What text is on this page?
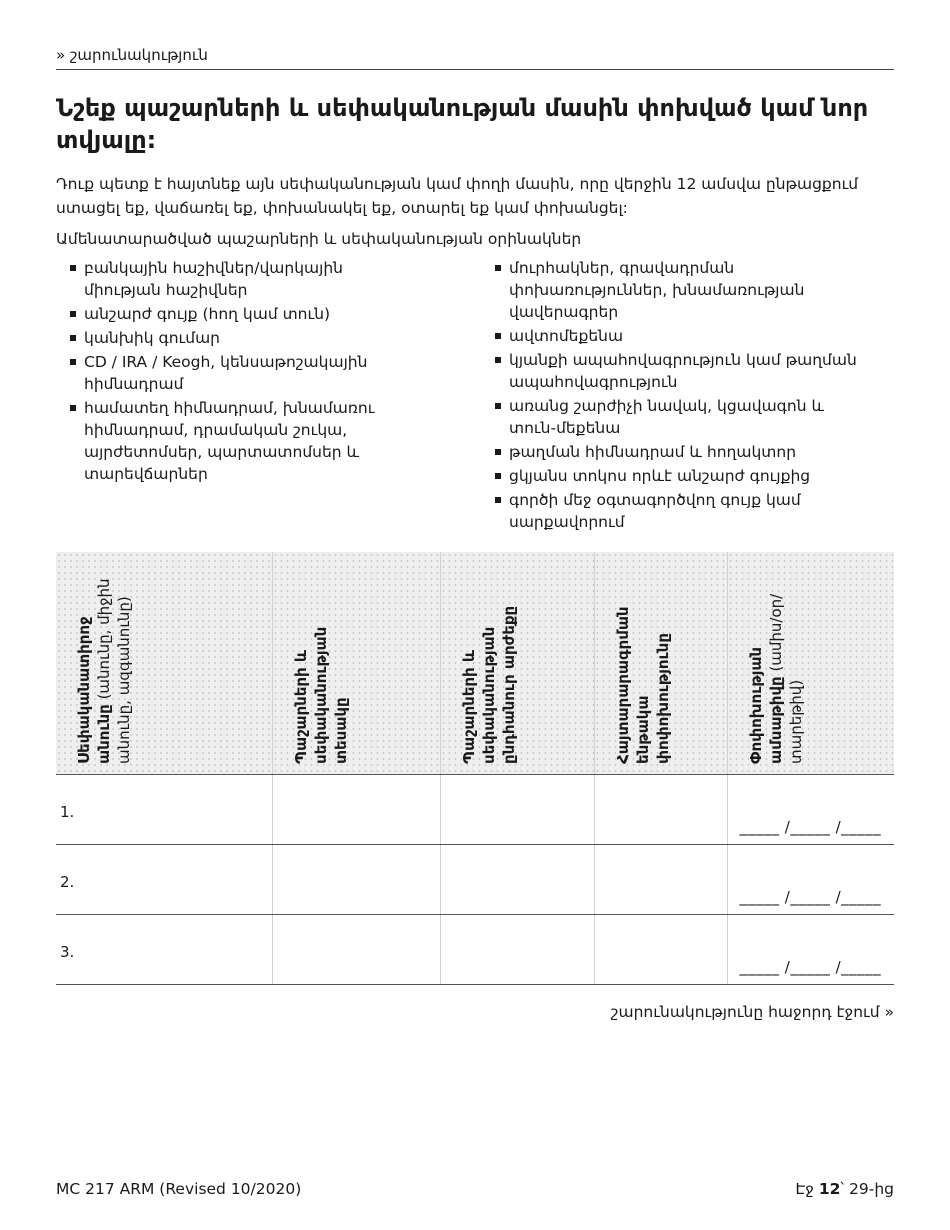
» շարունակություն
Նշեք պաշարների և սեփականության մասին փոխված կամ նոր տվյալը:

Դուք պետք է հայտնեք այն սեփականության կամ փողի մասին, որը վերջին 12 ամսվա ընթացքում ստացել եք, վաճառել եք, փոխանակել եք, օտարել եք կամ փոխանցել:

Ամենատարածված պաշարների և սեփականության օրինակներ

բանկային հաշիվներ/վարկային միության հաշիվներ
անշարժ գույք (հող կամ տուն)
կանխիկ գումար
CD / IRA / Keogh, կենսաթոշակային հիմնադրամ
համատեղ հիմնադրամ, խնամառու հիմնադրամ, դրամական շուկա, այրժետոմսեր, պարտատոմսեր և տարեվճարներ
մուրհակներ, գրավադրման փոխառություններ, խնամառության վավերագրեր
ավտոմեքենա
կյանքի ապահովագրություն կամ թաղման ապահովագրություն
առանց շարժիչի նավակ, կցավագոն և տուն-մեքենա
թաղման հիմնադրամ և հողակտոր
ցկյանս տոկոս որևէ անշարժ գույքից
գործի մեջ օգտագործվող գույք կամ սարքավորում
Սեփականատիրոջ անունը (անունը, միջին անունը, ազգանունը)	Պաշարների և սեփականության տեսակը	Պաշարների և սեփականության ընդհանուր արժեքը	Հայտարարագրման ենթակա փոփոխությունը	Փոփոխության ամսաթիվը (ամիս/օր/տարեթիվ)

1.				_____ /_____ /_____

2.				_____ /_____ /_____

3.				_____ /_____ /_____
շարունակությունը հաջորդ էջում »
MC 217 ARM (Revised 10/2020)	Էջ 12՝ 29-ից
